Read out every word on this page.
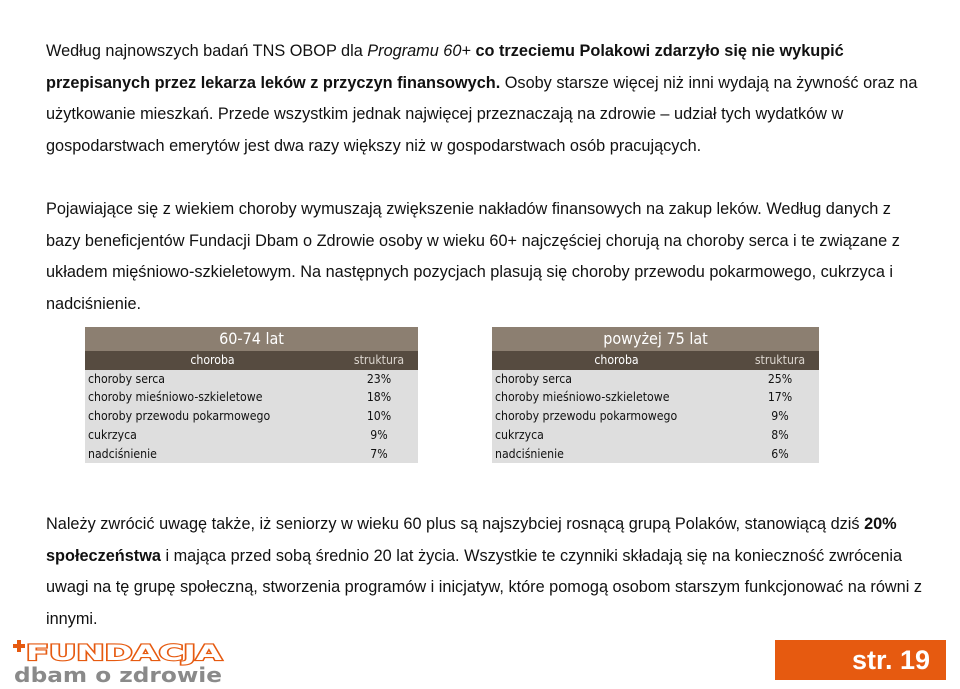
Według najnowszych badań TNS OBOP dla Programu 60+ co trzeciemu Polakowi zdarzyło się nie wykupić przepisanych przez lekarza leków z przyczyn finansowych. Osoby starsze więcej niż inni wydają na żywność oraz na użytkowanie mieszkań. Przede wszystkim jednak najwięcej przeznaczają na zdrowie – udział tych wydatków w gospodarstwach emerytów jest dwa razy większy niż w gospodarstwach osób pracujących.

Pojawiające się z wiekiem choroby wymuszają zwiększenie nakładów finansowych na zakup leków. Według danych z bazy beneficjentów Fundacji Dbam o Zdrowie osoby w wieku 60+ najczęściej chorują na choroby serca i te związane z układem mięśniowo-szkieletowym. Na następnych pozycjach plasują się choroby przewodu pokarmowego, cukrzyca i nadciśnienie.

60-74 lat	
choroba	struktura
choroby serca	23%
choroby mieśniowo-szkieletowe	18%
choroby przewodu pokarmowego	10%
cukrzyca	9%
nadciśnienie	7%
powyżej 75 lat	
choroba	struktura
choroby serca	25%
choroby mieśniowo-szkieletowe	17%
choroby przewodu pokarmowego	9%
cukrzyca	8%
nadciśnienie	6%

Należy zwrócić uwagę także, iż seniorzy w wieku 60 plus są najszybciej rosnącą grupą Polaków, stanowiącą dziś 20% społeczeństwa i mająca przed sobą średnio 20 lat życia. Wszystkie te czynniki składają się na konieczność zwrócenia uwagi na tę grupę społeczną, stworzenia programów i inicjatyw, które pomogą osobom starszym funkcjonować na równi z innymi.

FUNDACJA
dbam o zdrowie	str. 19
